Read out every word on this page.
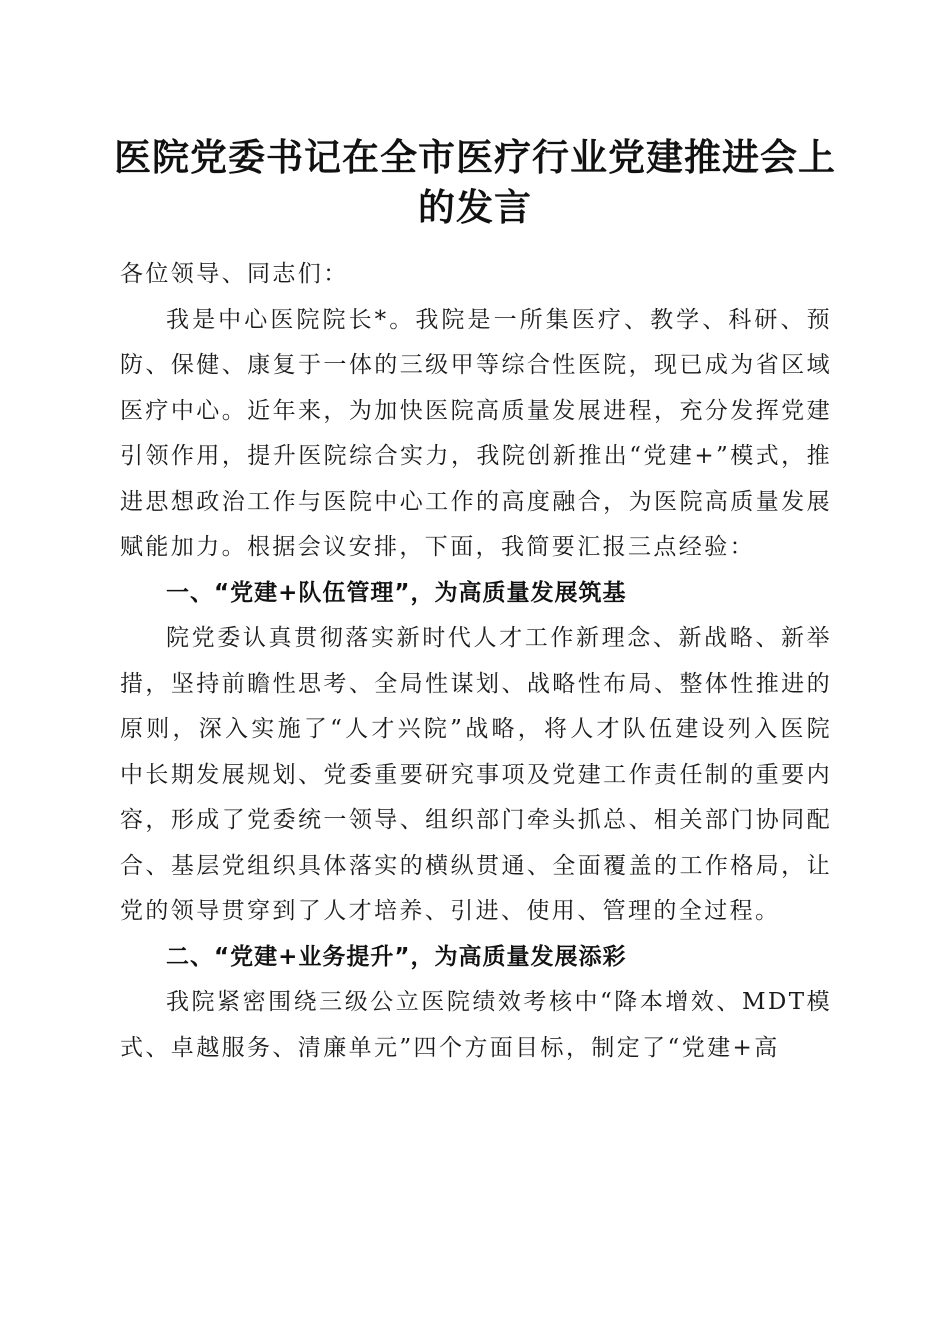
医院党委书记在全市医疗行业党建推进会上的发言

各位领导、同志们：

我是中心医院院长*。我院是一所集医疗、教学、科研、预防、保健、康复于一体的三级甲等综合性医院，现已成为省区域医疗中心。近年来，为加快医院高质量发展进程，充分发挥党建引领作用，提升医院综合实力，我院创新推出“党建+”模式，推进思想政治工作与医院中心工作的高度融合，为医院高质量发展赋能加力。根据会议安排，下面，我简要汇报三点经验：

一、“党建+队伍管理”，为高质量发展筑基

院党委认真贯彻落实新时代人才工作新理念、新战略、新举措，坚持前瞻性思考、全局性谋划、战略性布局、整体性推进的原则，深入实施了“人才兴院”战略，将人才队伍建设列入医院中长期发展规划、党委重要研究事项及党建工作责任制的重要内容，形成了党委统一领导、组织部门牵头抓总、相关部门协同配合、基层党组织具体落实的横纵贯通、全面覆盖的工作格局，让党的领导贯穿到了人才培养、引进、使用、管理的全过程。

二、“党建+业务提升”，为高质量发展添彩

我院紧密围绕三级公立医院绩效考核中“降本增效、MDT模式、卓越服务、清廉单元”四个方面目标，制定了“党建+高
